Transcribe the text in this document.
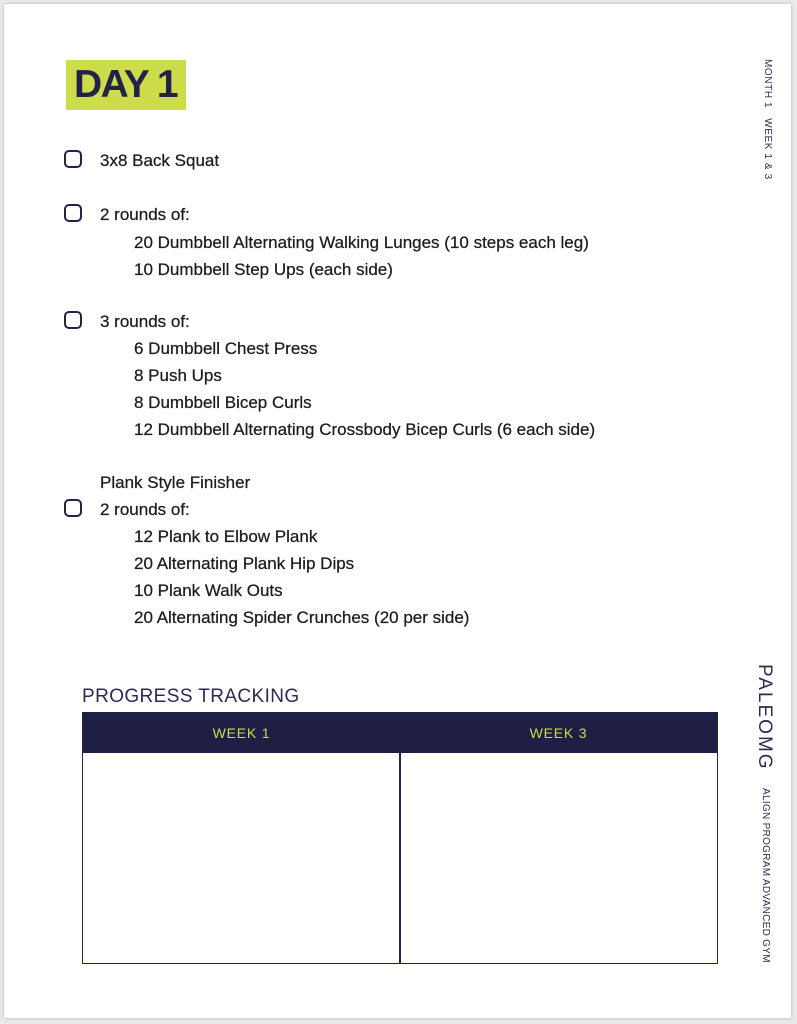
DAY 1	MONTH 1WEEK 1 & 3
3x8 Back Squat
2 rounds of:
20 Dumbbell Alternating Walking Lunges (10 steps each leg)
10 Dumbbell Step Ups (each side)
3 rounds of:
6 Dumbbell Chest Press
8 Push Ups
8 Dumbbell Bicep Curls
12 Dumbbell Alternating Crossbody Bicep Curls (6 each side)
Plank Style Finisher
2 rounds of:
12 Plank to Elbow Plank
20 Alternating Plank Hip Dips
10 Plank Walk Outs
20 Alternating Spider Crunches (20 per side)
PROGRESS TRACKING
WEEK 1	WEEK 3	PALEOMG
ALIGN PROGRAM ADVANCED GYM
